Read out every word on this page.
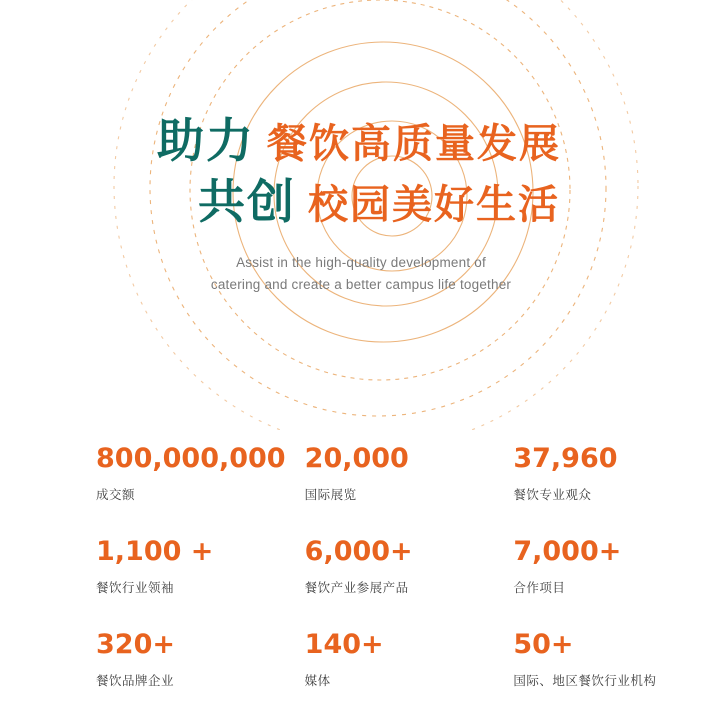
助力 餐饮高质量发展
共创 校园美好生活
Assist in the high-quality development of
catering and create a better campus life together
800,000,000
成交额
20,000
国际展览
37,960
餐饮专业观众
1,100 +
餐饮行业领袖
6,000+
餐饮产业参展产品
7,000+
合作项目
320+
餐饮品牌企业
140+
媒体
50+
国际、地区餐饮行业机构
